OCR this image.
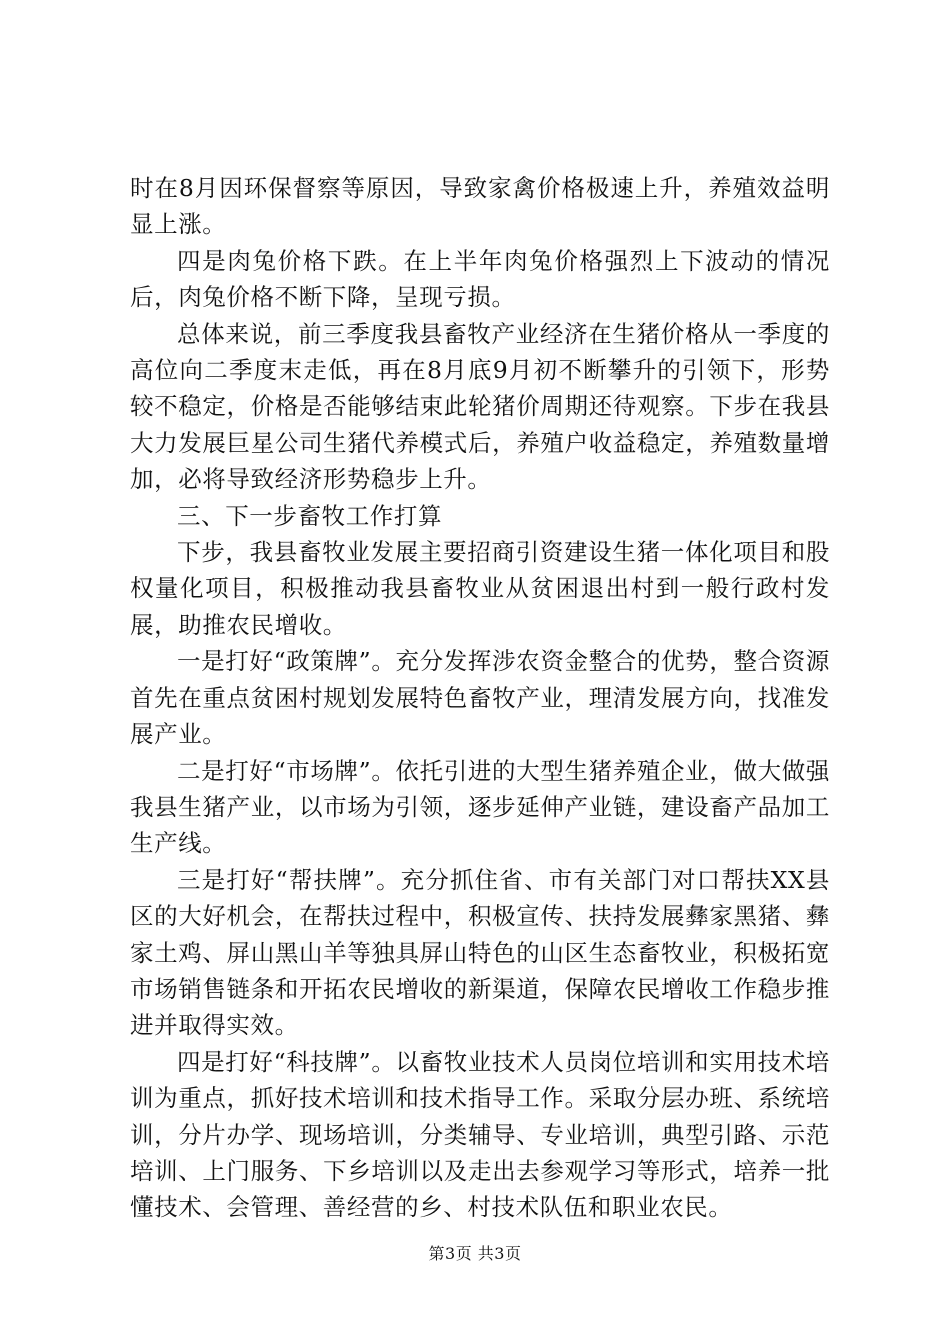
时在8月因环保督察等原因，导致家禽价格极速上升，养殖效益明显上涨。

四是肉兔价格下跌。在上半年肉兔价格强烈上下波动的情况后，肉兔价格不断下降，呈现亏损。

总体来说，前三季度我县畜牧产业经济在生猪价格从一季度的高位向二季度末走低，再在8月底9月初不断攀升的引领下，形势较不稳定，价格是否能够结束此轮猪价周期还待观察。下步在我县大力发展巨星公司生猪代养模式后，养殖户收益稳定，养殖数量增加，必将导致经济形势稳步上升。

三、下一步畜牧工作打算

下步，我县畜牧业发展主要招商引资建设生猪一体化项目和股权量化项目，积极推动我县畜牧业从贫困退出村到一般行政村发展，助推农民增收。

一是打好“政策牌”。充分发挥涉农资金整合的优势，整合资源首先在重点贫困村规划发展特色畜牧产业，理清发展方向，找准发展产业。

二是打好“市场牌”。依托引进的大型生猪养殖企业，做大做强我县生猪产业，以市场为引领，逐步延伸产业链，建设畜产品加工生产线。

三是打好“帮扶牌”。充分抓住省、市有关部门对口帮扶XX县区的大好机会，在帮扶过程中，积极宣传、扶持发展彝家黑猪、彝家土鸡、屏山黑山羊等独具屏山特色的山区生态畜牧业，积极拓宽市场销售链条和开拓农民增收的新渠道，保障农民增收工作稳步推进并取得实效。

四是打好“科技牌”。以畜牧业技术人员岗位培训和实用技术培训为重点，抓好技术培训和技术指导工作。采取分层办班、系统培训，分片办学、现场培训，分类辅导、专业培训，典型引路、示范培训、上门服务、下乡培训以及走出去参观学习等形式，培养一批懂技术、会管理、善经营的乡、村技术队伍和职业农民。

第3页 共3页
